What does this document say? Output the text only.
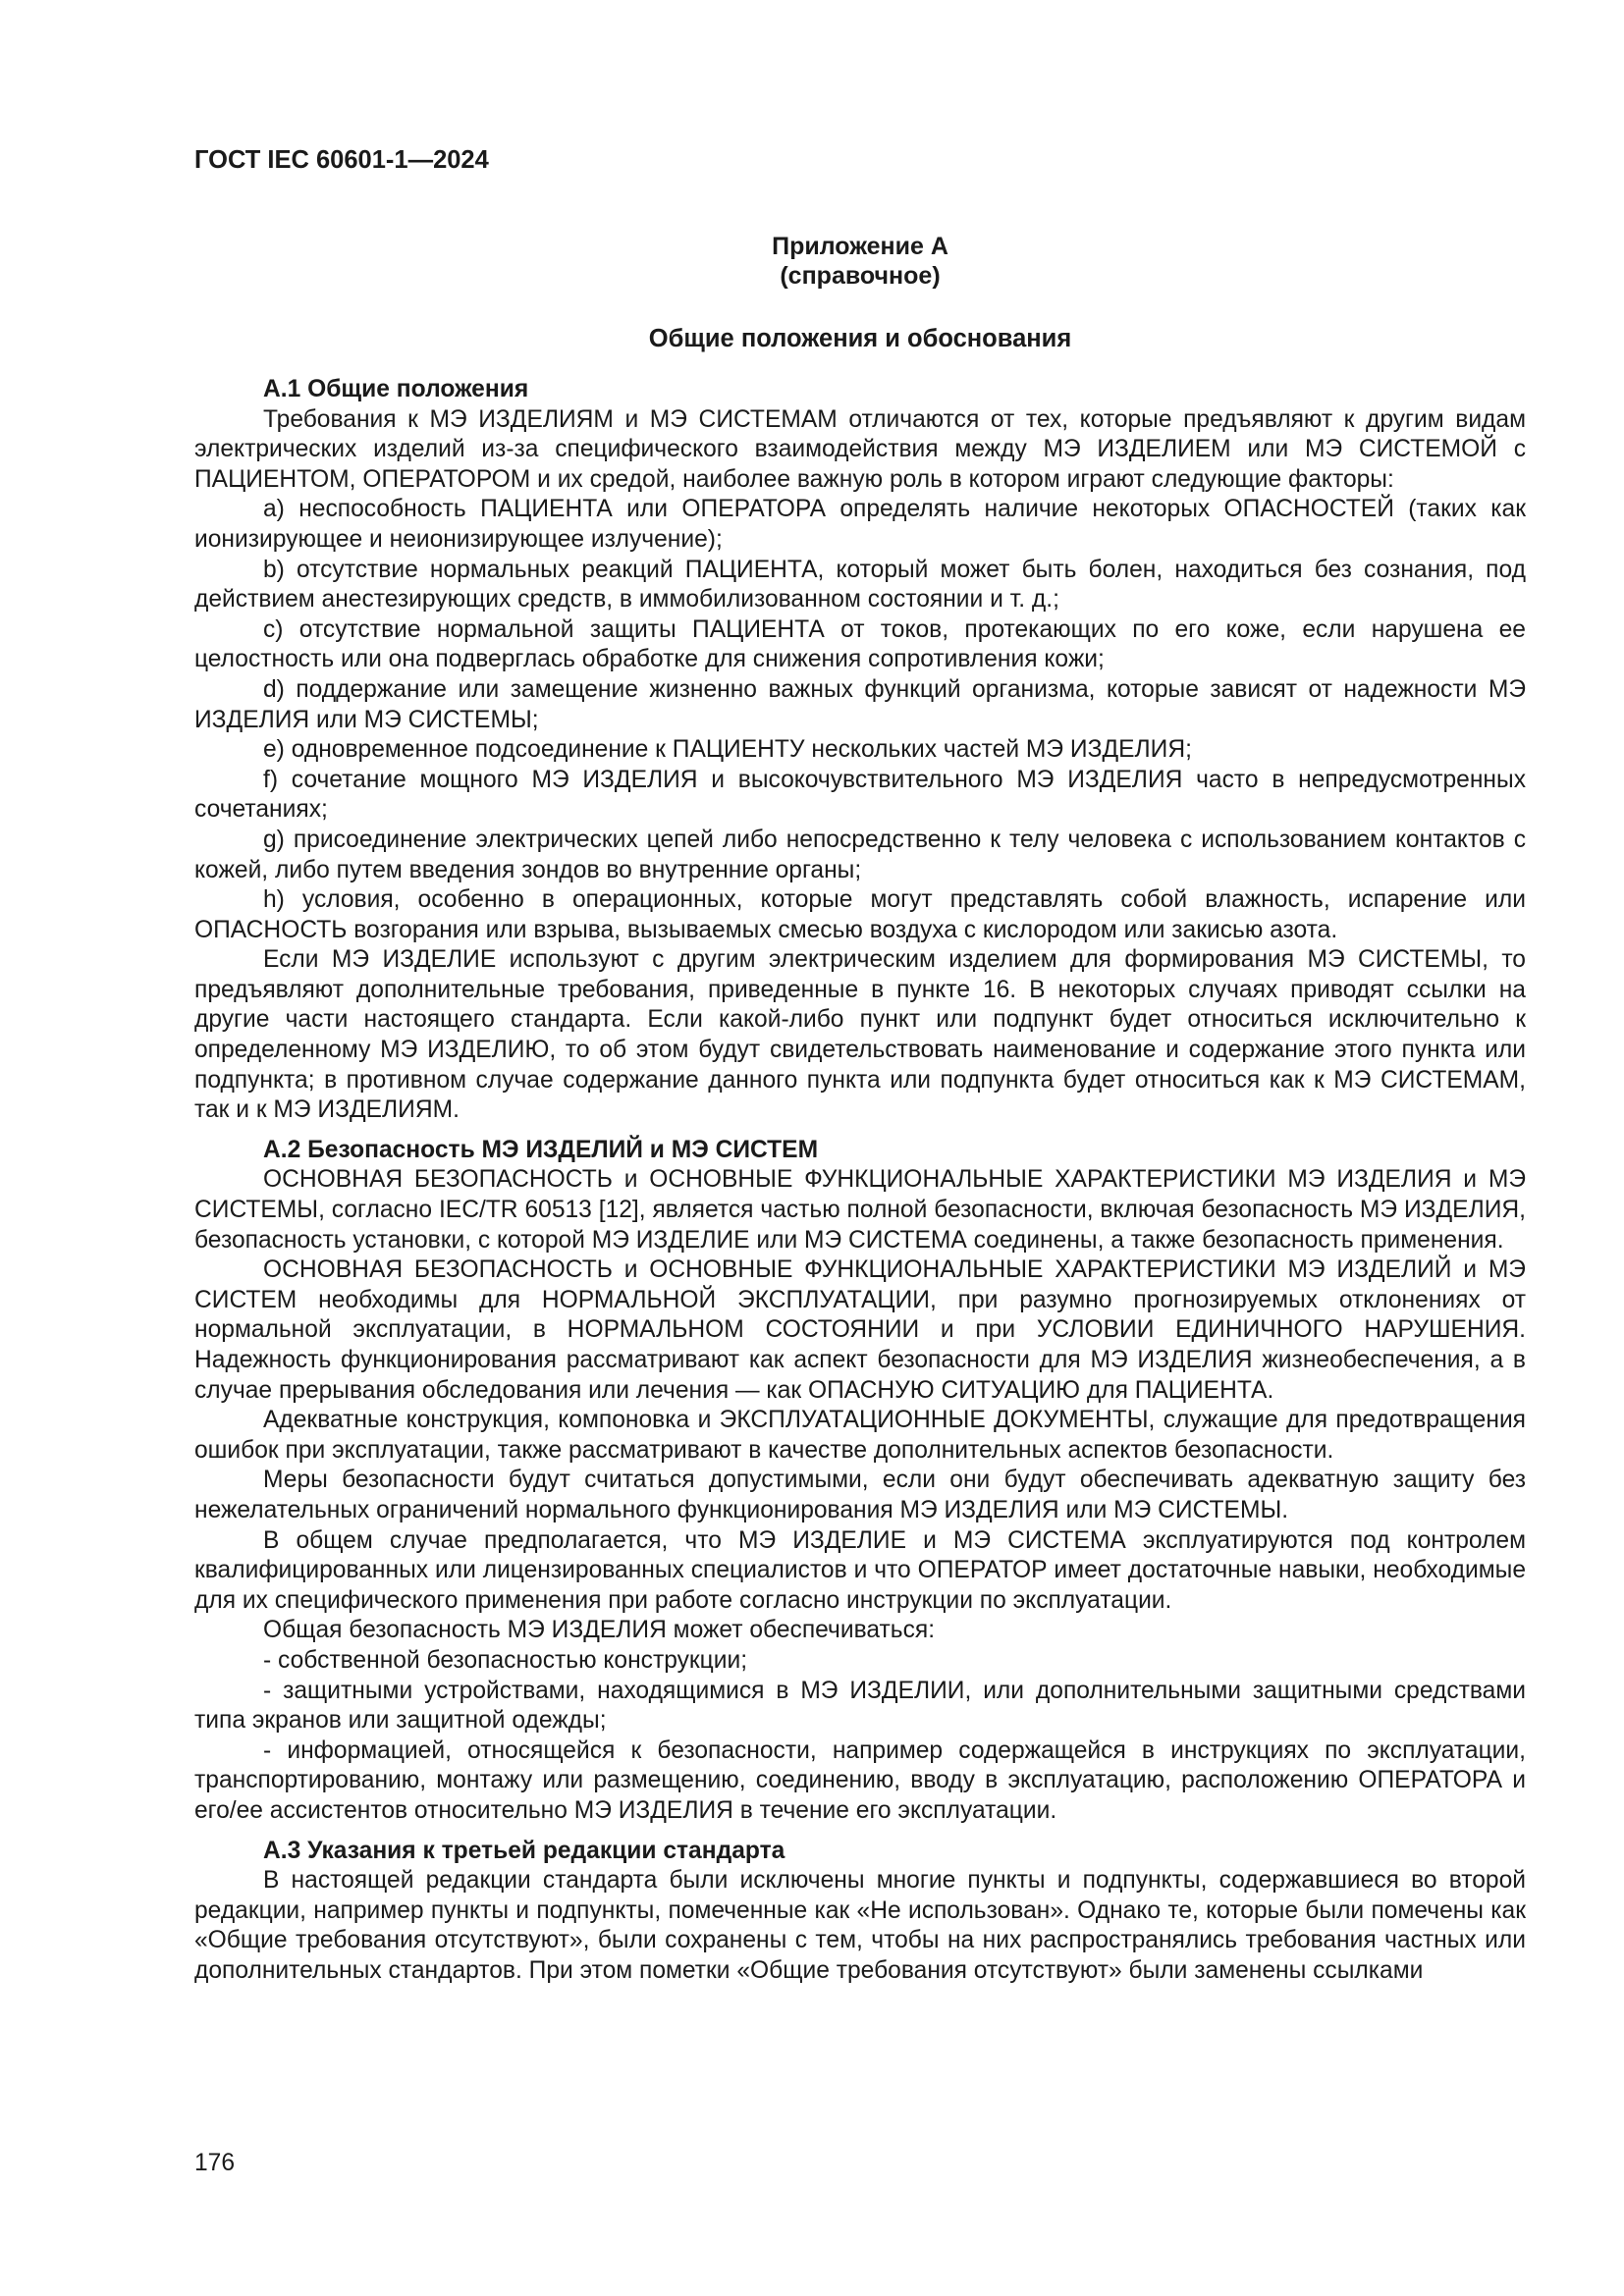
ГОСТ IEC 60601-1—2024
Приложение А
(справочное)
Общие положения и обоснования
А.1 Общие положения

Требования к МЭ ИЗДЕЛИЯМ и МЭ СИСТЕМАМ отличаются от тех, которые предъявляют к другим видам электрических изделий из-за специфического взаимодействия между МЭ ИЗДЕЛИЕМ или МЭ СИСТЕМОЙ с ПАЦИЕНТОМ, ОПЕРАТОРОМ и их средой, наиболее важную роль в котором играют следующие факторы:

а) неспособность ПАЦИЕНТА или ОПЕРАТОРА определять наличие некоторых ОПАСНОСТЕЙ (таких как ионизирующее и неионизирующее излучение);

b) отсутствие нормальных реакций ПАЦИЕНТА, который может быть болен, находиться без сознания, под действием анестезирующих средств, в иммобилизованном состоянии и т. д.;

c) отсутствие нормальной защиты ПАЦИЕНТА от токов, протекающих по его коже, если нарушена ее целостность или она подверглась обработке для снижения сопротивления кожи;

d) поддержание или замещение жизненно важных функций организма, которые зависят от надежности МЭ ИЗДЕЛИЯ или МЭ СИСТЕМЫ;

e) одновременное подсоединение к ПАЦИЕНТУ нескольких частей МЭ ИЗДЕЛИЯ;

f) сочетание мощного МЭ ИЗДЕЛИЯ и высокочувствительного МЭ ИЗДЕЛИЯ часто в непредусмотренных сочетаниях;

g) присоединение электрических цепей либо непосредственно к телу человека с использованием контактов с кожей, либо путем введения зондов во внутренние органы;

h) условия, особенно в операционных, которые могут представлять собой влажность, испарение или ОПАСНОСТЬ возгорания или взрыва, вызываемых смесью воздуха с кислородом или закисью азота.

Если МЭ ИЗДЕЛИЕ используют с другим электрическим изделием для формирования МЭ СИСТЕМЫ, то предъявляют дополнительные требования, приведенные в пункте 16. В некоторых случаях приводят ссылки на другие части настоящего стандарта. Если какой-либо пункт или подпункт будет относиться исключительно к определенному МЭ ИЗДЕЛИЮ, то об этом будут свидетельствовать наименование и содержание этого пункта или подпункта; в противном случае содержание данного пункта или подпункта будет относиться как к МЭ СИСТЕМАМ, так и к МЭ ИЗДЕЛИЯМ.

А.2 Безопасность МЭ ИЗДЕЛИЙ и МЭ СИСТЕМ

ОСНОВНАЯ БЕЗОПАСНОСТЬ и ОСНОВНЫЕ ФУНКЦИОНАЛЬНЫЕ ХАРАКТЕРИСТИКИ МЭ ИЗДЕЛИЯ и МЭ СИСТЕМЫ, согласно IEC/TR 60513 [12], является частью полной безопасности, включая безопасность МЭ ИЗДЕЛИЯ, безопасность установки, с которой МЭ ИЗДЕЛИЕ или МЭ СИСТЕМА соединены, а также безопасность применения.

ОСНОВНАЯ БЕЗОПАСНОСТЬ и ОСНОВНЫЕ ФУНКЦИОНАЛЬНЫЕ ХАРАКТЕРИСТИКИ МЭ ИЗДЕЛИЙ и МЭ СИСТЕМ необходимы для НОРМАЛЬНОЙ ЭКСПЛУАТАЦИИ, при разумно прогнозируемых отклонениях от нормальной эксплуатации, в НОРМАЛЬНОМ СОСТОЯНИИ и при УСЛОВИИ ЕДИНИЧНОГО НАРУШЕНИЯ. Надежность функционирования рассматривают как аспект безопасности для МЭ ИЗДЕЛИЯ жизнеобеспечения, а в случае прерывания обследования или лечения — как ОПАСНУЮ СИТУАЦИЮ для ПАЦИЕНТА.

Адекватные конструкция, компоновка и ЭКСПЛУАТАЦИОННЫЕ ДОКУМЕНТЫ, служащие для предотвращения ошибок при эксплуатации, также рассматривают в качестве дополнительных аспектов безопасности.

Меры безопасности будут считаться допустимыми, если они будут обеспечивать адекватную защиту без нежелательных ограничений нормального функционирования МЭ ИЗДЕЛИЯ или МЭ СИСТЕМЫ.

В общем случае предполагается, что МЭ ИЗДЕЛИЕ и МЭ СИСТЕМА эксплуатируются под контролем квалифицированных или лицензированных специалистов и что ОПЕРАТОР имеет достаточные навыки, необходимые для их специфического применения при работе согласно инструкции по эксплуатации.

Общая безопасность МЭ ИЗДЕЛИЯ может обеспечиваться:

- собственной безопасностью конструкции;

- защитными устройствами, находящимися в МЭ ИЗДЕЛИИ, или дополнительными защитными средствами типа экранов или защитной одежды;

- информацией, относящейся к безопасности, например содержащейся в инструкциях по эксплуатации, транспортированию, монтажу или размещению, соединению, вводу в эксплуатацию, расположению ОПЕРАТОРА и его/ее ассистентов относительно МЭ ИЗДЕЛИЯ в течение его эксплуатации.

А.3 Указания к третьей редакции стандарта

В настоящей редакции стандарта были исключены многие пункты и подпункты, содержавшиеся во второй редакции, например пункты и подпункты, помеченные как «Не использован». Однако те, которые были помечены как «Общие требования отсутствуют», были сохранены с тем, чтобы на них распространялись требования частных или дополнительных стандартов. При этом пометки «Общие требования отсутствуют» были заменены ссылками

176
